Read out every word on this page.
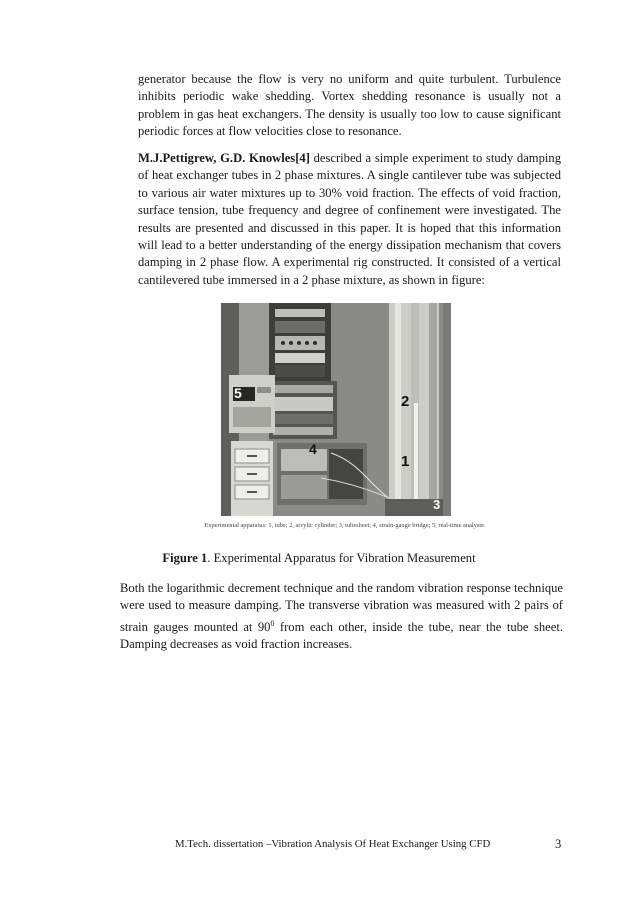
generator because the flow is very no uniform and quite turbulent. Turbulence inhibits periodic wake shedding. Vortex shedding resonance is usually not a problem in gas heat exchangers. The density is usually too low to cause significant periodic forces at flow velocities close to resonance.

M.J.Pettigrew, G.D. Knowles[4] described a simple experiment to study damping of heat exchanger tubes in 2 phase mixtures. A single cantilever tube was subjected to various air water mixtures up to 30% void fraction. The effects of void fraction, surface tension, tube frequency and degree of confinement were investigated. The results are presented and discussed in this paper. It is hoped that this information will lead to a better understanding of the energy dissipation mechanism that covers damping in 2 phase flow. A experimental rig constructed. It consisted of a vertical cantilevered tube immersed in a 2 phase mixture, as shown in figure:

5	2
4
1
3

Experimental apparatus: 1, tube; 2, acrylic cylinder; 3, tubesheet; 4, strain-gauge bridge; 5, real-time analyser.

Figure 1. Experimental Apparatus for Vibration Measurement

Both the logarithmic decrement technique and the random vibration response technique were used to measure damping. The transverse vibration was measured with 2 pairs of strain gauges mounted at $90^0$ from each other, inside the tube, near the tube sheet. Damping decreases as void fraction increases.

M.Tech. dissertation –Vibration Analysis Of Heat Exchanger Using CFD	3
